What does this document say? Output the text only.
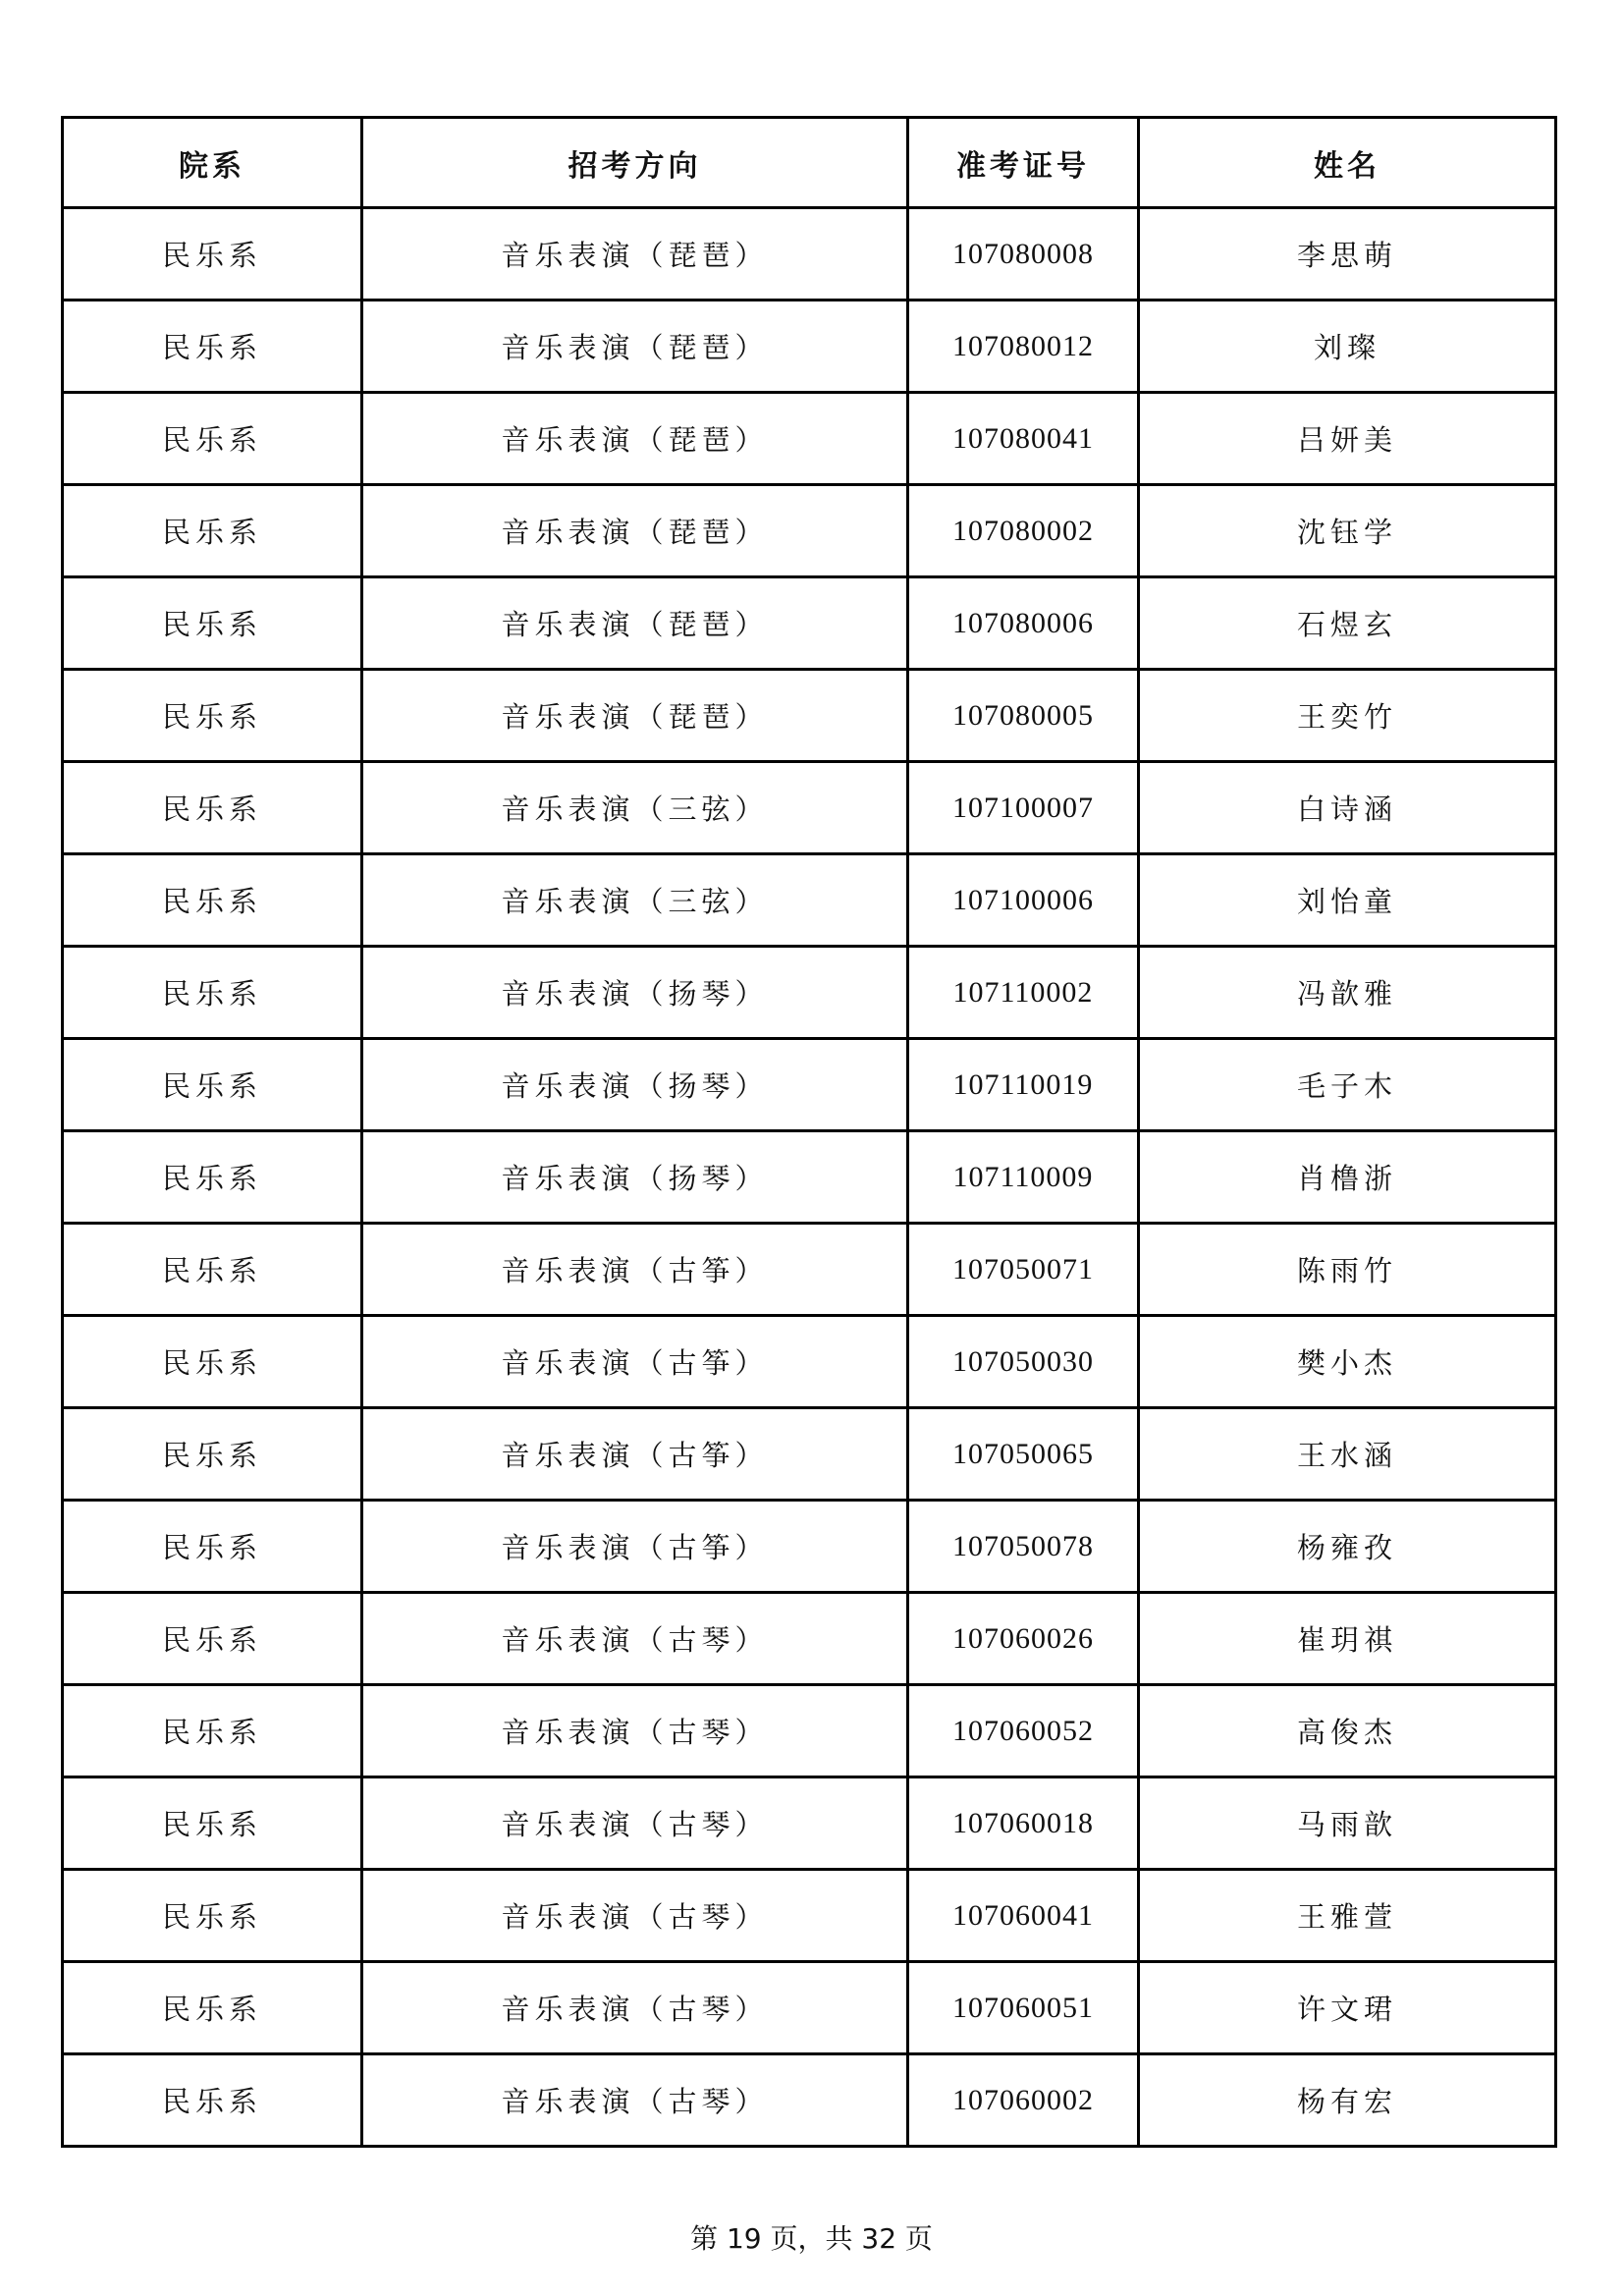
院系	招考方向	准考证号	姓名
民乐系	音乐表演（琵琶）	107080008	李思萌
民乐系	音乐表演（琵琶）	107080012	刘璨
民乐系	音乐表演（琵琶）	107080041	吕妍美
民乐系	音乐表演（琵琶）	107080002	沈钰学
民乐系	音乐表演（琵琶）	107080006	石煜玄
民乐系	音乐表演（琵琶）	107080005	王奕竹
民乐系	音乐表演（三弦）	107100007	白诗涵
民乐系	音乐表演（三弦）	107100006	刘怡童
民乐系	音乐表演（扬琴）	107110002	冯歆雅
民乐系	音乐表演（扬琴）	107110019	毛子木
民乐系	音乐表演（扬琴）	107110009	肖橹浙
民乐系	音乐表演（古筝）	107050071	陈雨竹
民乐系	音乐表演（古筝）	107050030	樊小杰
民乐系	音乐表演（古筝）	107050065	王水涵
民乐系	音乐表演（古筝）	107050078	杨雍孜
民乐系	音乐表演（古琴）	107060026	崔玥祺
民乐系	音乐表演（古琴）	107060052	高俊杰
民乐系	音乐表演（古琴）	107060018	马雨歆
民乐系	音乐表演（古琴）	107060041	王雅萱
民乐系	音乐表演（古琴）	107060051	许文珺
民乐系	音乐表演（古琴）	107060002	杨有宏
第 19 页，共 32 页
